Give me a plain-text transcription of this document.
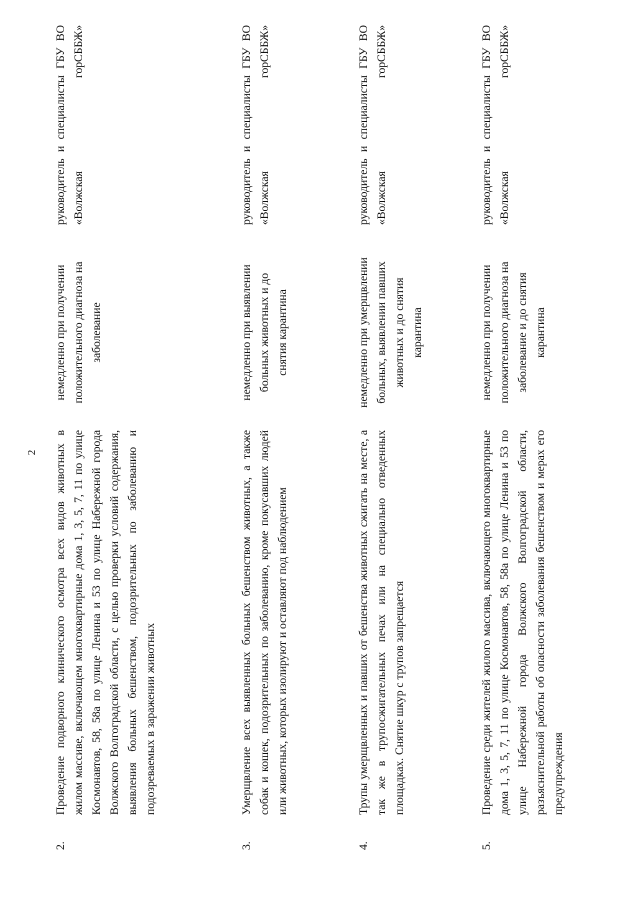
2
2.
Проведение подворного клинического осмотра всех видов животных в жилом массиве, включающем многоквартирные дома 1, 3, 5, 7, 11 по улице Космонавтов, 58, 58а по улице Ленина и 53 по улице Набережной города Волжского Волгоградской области, с целью проверки условий содержания, выявления больных бешенством, подозрительных по заболеванию и подозреваемых в заражении животных
немедленно при получении положительного диагноза на заболевание
руководитель и специалисты ГБУ ВО «Волжская горСББЖ»
3.
Умерщвление всех выявленных больных бешенством животных, а также собак и кошек, подозрительных по заболеванию, кроме покусавших людей или животных, которых изолируют и оставляют под наблюдением
немедленно при выявлении больных животных и до снятия карантина
руководитель и специалисты ГБУ ВО «Волжская горСББЖ»
4.
Трупы умерщвленных и павших от бешенства животных сжигать на месте, а так же в трупосжигательных печах или на специально отведенных площадках. Снятие шкур с трупов запрещается
немедленно при умерщвлении больных, выявлении павших животных и до снятия карантина
руководитель и специалисты ГБУ ВО «Волжская горСББЖ»
5.
Проведение среди жителей жилого массива, включающего многоквартирные дома 1, 3, 5, 7, 11 по улице Космонавтов, 58, 58а по улице Ленина и 53 по улице Набережной города Волжского Волгоградской области, разъяснительной работы об опасности заболевания бешенством и мерах его предупреждения
немедленно при получении положительного диагноза на заболевание и до снятия карантина
руководитель и специалисты ГБУ ВО «Волжская горСББЖ»
